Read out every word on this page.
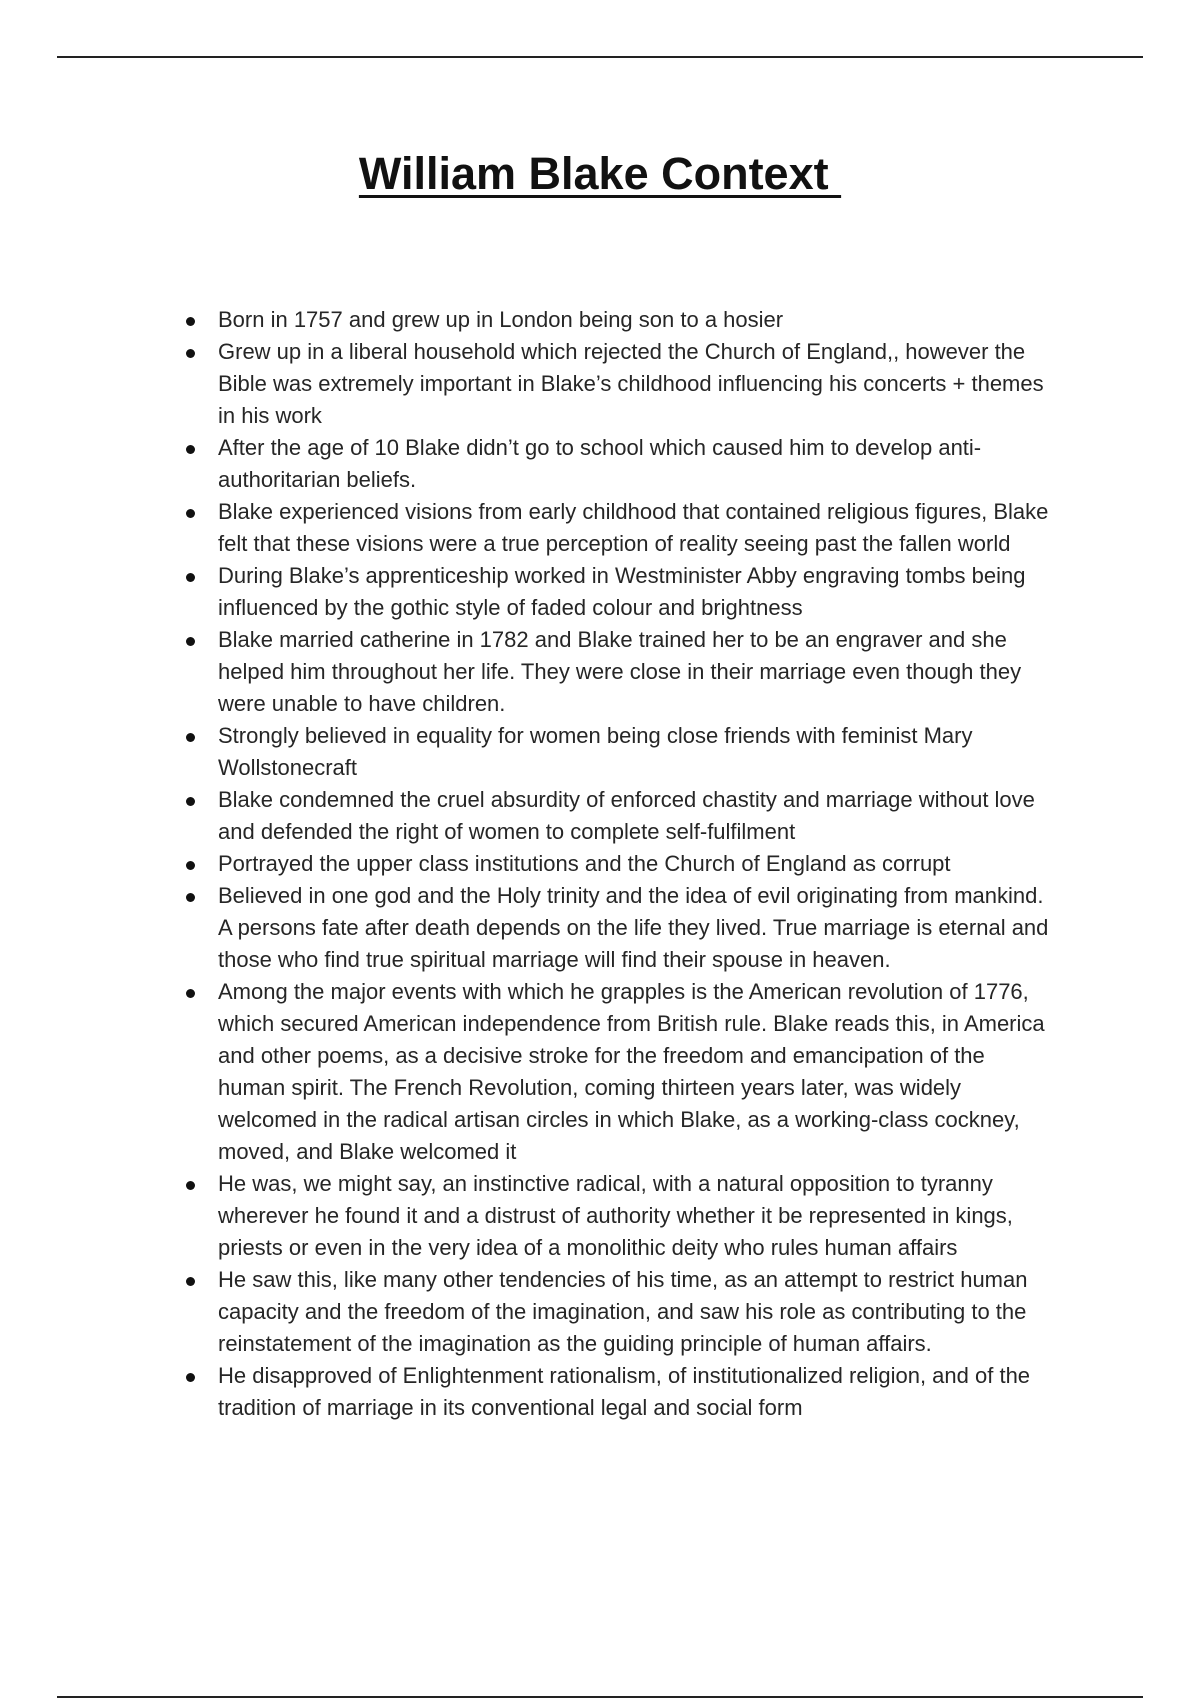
William Blake Context
Born in 1757 and grew up in London being son to a hosier
Grew up in a liberal household which rejected the Church of England,, however the Bible was extremely important in Blake’s childhood influencing his concerts + themes in his work
After the age of 10 Blake didn’t go to school which caused him to develop anti-authoritarian beliefs.
Blake experienced visions from early childhood that contained religious figures, Blake felt that these visions were a true perception of reality seeing past the fallen world
During Blake’s apprenticeship worked in Westminister Abby engraving tombs being influenced by the gothic style of faded colour and brightness
Blake married catherine in 1782 and Blake trained her to be an engraver and she helped him throughout her life. They were close in their marriage even though they were unable to have children.
Strongly believed in equality for women being close friends with feminist Mary Wollstonecraft
Blake condemned the cruel absurdity of enforced chastity and marriage without love and defended the right of women to complete self-fulfilment
Portrayed the upper class institutions and the Church of England as corrupt
Believed in one god and the Holy trinity and the idea of evil originating from mankind. A persons fate after death depends on the life they lived. True marriage is eternal and those who find true spiritual marriage will find their spouse in heaven.
Among the major events with which he grapples is the American revolution of 1776, which secured American independence from British rule. Blake reads this, in America and other poems, as a decisive stroke for the freedom and emancipation of the human spirit. The French Revolution, coming thirteen years later, was widely welcomed in the radical artisan circles in which Blake, as a working-class cockney, moved, and Blake welcomed it
He was, we might say, an instinctive radical, with a natural opposition to tyranny wherever he found it and a distrust of authority whether it be represented in kings, priests or even in the very idea of a monolithic deity who rules human affairs
He saw this, like many other tendencies of his time, as an attempt to restrict human capacity and the freedom of the imagination, and saw his role as contributing to the reinstatement of the imagination as the guiding principle of human affairs.
He disapproved of Enlightenment rationalism, of institutionalized religion, and of the tradition of marriage in its conventional legal and social form
